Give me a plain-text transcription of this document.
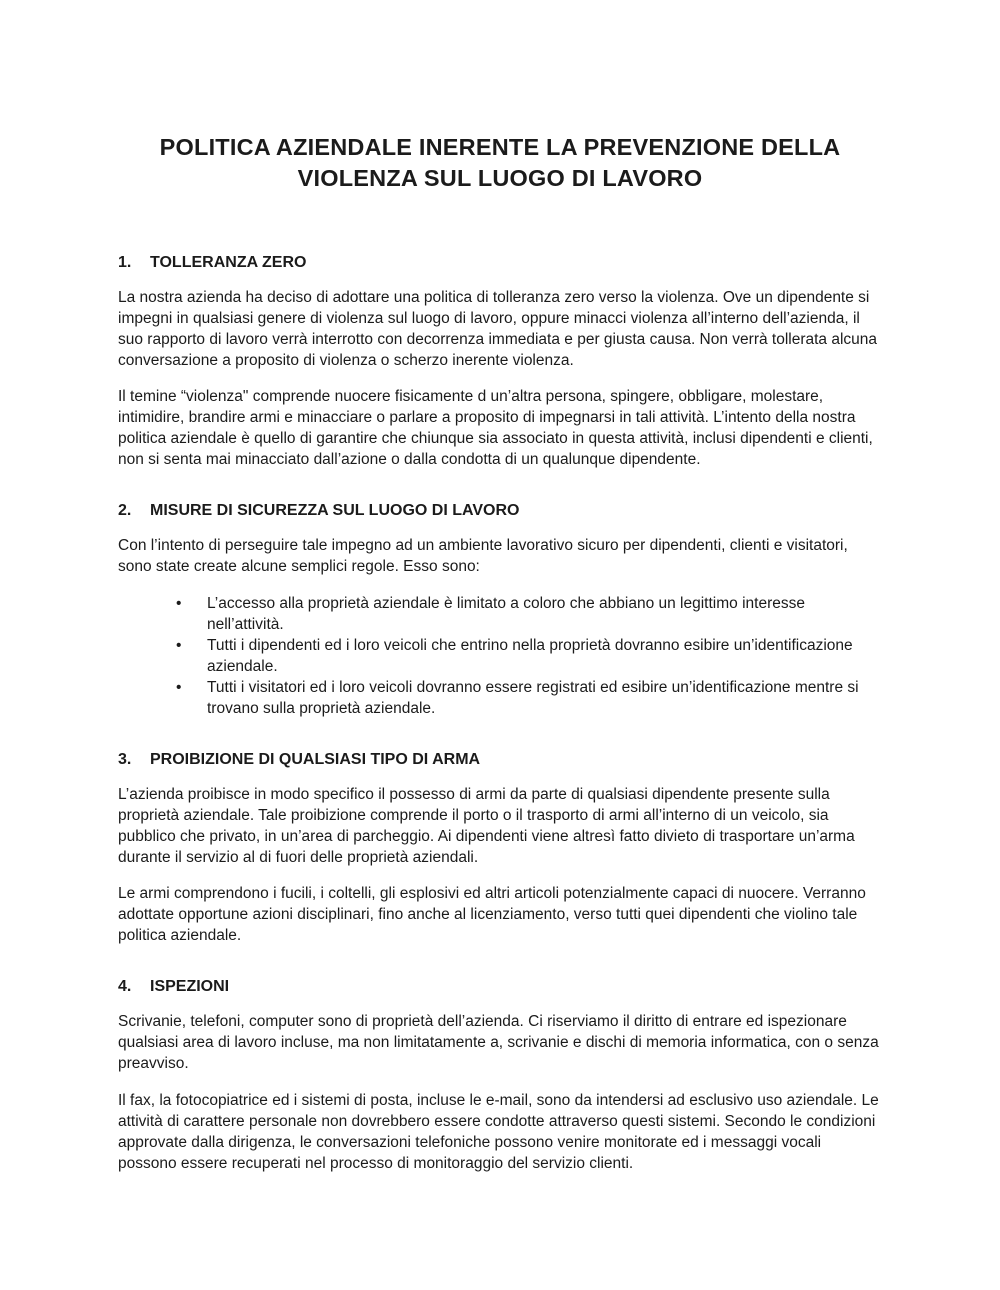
POLITICA AZIENDALE INERENTE LA PREVENZIONE DELLA
VIOLENZA SUL LUOGO DI LAVORO
1.	TOLLERANZA ZERO

La nostra azienda ha deciso di adottare una politica di tolleranza zero verso la violenza. Ove un dipendente si impegni in qualsiasi genere di violenza sul luogo di lavoro, oppure minacci violenza all’interno dell’azienda, il suo rapporto di lavoro verrà interrotto con decorrenza immediata e per giusta causa. Non verrà tollerata alcuna conversazione a proposito di violenza o scherzo inerente violenza.

Il temine “violenza" comprende nuocere fisicamente d un’altra persona, spingere, obbligare, molestare, intimidire, brandire armi e minacciare o parlare a proposito di impegnarsi in tali attività. L’intento della nostra politica aziendale è quello di garantire che chiunque sia associato in questa attività, inclusi dipendenti e clienti, non si senta mai minacciato dall’azione o dalla condotta di un qualunque dipendente.

2.	MISURE DI SICUREZZA SUL LUOGO DI LAVORO

Con l’intento di perseguire tale impegno ad un ambiente lavorativo sicuro per dipendenti, clienti e visitatori, sono state create alcune semplici regole. Esso sono:

•	L’accesso alla proprietà aziendale è limitato a coloro che abbiano un legittimo interesse nell’attività.
•	Tutti i dipendenti ed i loro veicoli che entrino nella proprietà dovranno esibire un’identificazione aziendale.
•	Tutti i visitatori ed i loro veicoli dovranno essere registrati ed esibire un’identificazione mentre si trovano sulla proprietà aziendale.
3.	PROIBIZIONE DI QUALSIASI TIPO DI ARMA

L’azienda proibisce in modo specifico il possesso di armi da parte di qualsiasi dipendente presente sulla proprietà aziendale. Tale proibizione comprende il porto o il trasporto di armi all’interno di un veicolo, sia pubblico che privato, in un’area di parcheggio. Ai dipendenti viene altresì fatto divieto di trasportare un’arma durante il servizio al di fuori delle proprietà aziendali.

Le armi comprendono i fucili, i coltelli, gli esplosivi ed altri articoli potenzialmente capaci di nuocere. Verranno adottate opportune azioni disciplinari, fino anche al licenziamento, verso tutti quei dipendenti che violino tale politica aziendale.

4.	ISPEZIONI

Scrivanie, telefoni, computer sono di proprietà dell’azienda. Ci riserviamo il diritto di entrare ed ispezionare qualsiasi area di lavoro incluse, ma non limitatamente a, scrivanie e dischi di memoria informatica, con o senza preavviso.

Il fax, la fotocopiatrice ed i sistemi di posta, incluse le e-mail, sono da intendersi ad esclusivo uso aziendale. Le attività di carattere personale non dovrebbero essere condotte attraverso questi sistemi. Secondo le condizioni approvate dalla dirigenza, le conversazioni telefoniche possono venire monitorate ed i messaggi vocali possono essere recuperati nel processo di monitoraggio del servizio clienti.
